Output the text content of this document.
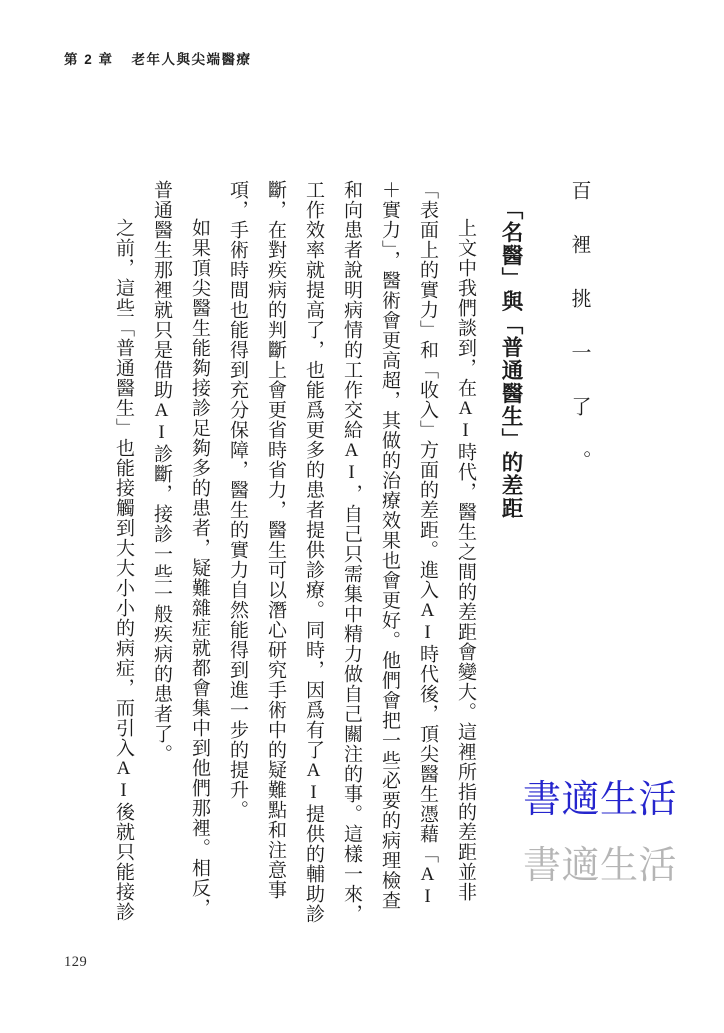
第 2 章 老年人與尖端醫療
百裡挑一了。
「名醫」與「普通醫生」的差距
上文中我們談到，在AI時代，醫生之間的差距會變大。這裡所指的差距並非
「表面上的實力」和「收入」方面的差距。進入AI時代後，頂尖醫生憑藉「AI
＋實力」，醫術會更高超，其做的治療效果也會更好。他們會把一些必要的病理檢查
和向患者說明病情的工作交給AI，自己只需集中精力做自己關注的事。這樣一來，
工作效率就提高了，也能爲更多的患者提供診療。同時，因爲有了AI提供的輔助診
斷，在對疾病的判斷上會更省時省力，醫生可以潛心研究手術中的疑難點和注意事
項，手術時間也能得到充分保障，醫生的實力自然能得到進一步的提升。
如果頂尖醫生能夠接診足夠多的患者，疑難雜症就都會集中到他們那裡。相反，
普通醫生那裡就只是借助AI診斷，接診一些一般疾病的患者了。
之前，這些「普通醫生」也能接觸到大大小小的病症，而引入AI後就只能接診	書適生活
書適生活
129
